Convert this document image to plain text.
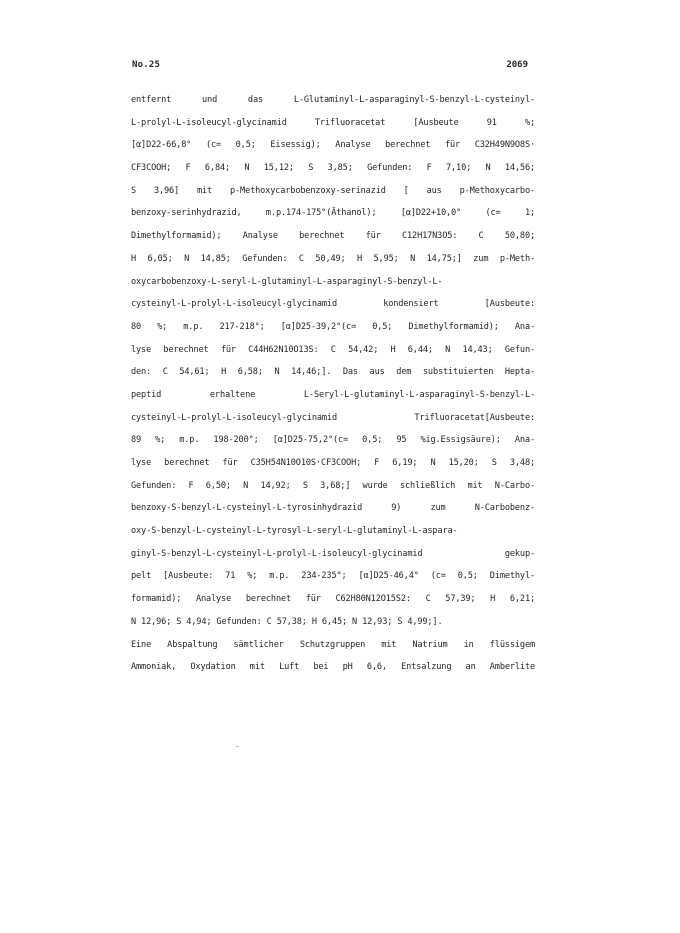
No.25	2069
entfernt und das L-Glutaminyl-L-asparaginyl-S-benzyl-L-cysteinyl-
L-prolyl-L-isoleucyl-glycinamid Trifluoracetat [Ausbeute 91 %;
[α]D22-66,8° (c= 0,5; Eisessig); Analyse berechnet für C32H49N9O8S·
CF3COOH; F 6,84; N 15,12; S 3,85; Gefunden: F 7,10; N 14,56;
S 3,96] mit p-Methoxycarbobenzoxy-serinazid [ aus p-Methoxycarbo-
benzoxy-serinhydrazid, m.p.174-175°(Äthanol); [α]D22+10,0° (c= 1;
Dimethylformamid); Analyse berechnet für C12H17N3O5: C 50,80;
H 6,05; N 14,85; Gefunden: C 50,49; H 5,95; N 14,75;] zum p-Meth-
oxycarbobenzoxy-L-seryl-L-glutaminyl-L-asparaginyl-S-benzyl-L-
cysteinyl-L-prolyl-L-isoleucyl-glycinamid kondensiert [Ausbeute:
80 %; m.p. 217-218°; [α]D25-39,2°(c= 0,5; Dimethylformamid); Ana-
lyse berechnet für C44H62N10O13S: C 54,42; H 6,44; N 14,43; Gefun-
den: C 54,61; H 6,58; N 14,46;]. Das aus dem substituierten Hepta-
peptid erhaltene L-Seryl-L-glutaminyl-L-asparaginyl-S-benzyl-L-
cysteinyl-L-prolyl-L-isoleucyl-glycinamid Trifluoracetat[Ausbeute:
89 %; m.p. 198-200°; [α]D25-75,2°(c= 0,5; 95 %ig.Essigsäure); Ana-
lyse berechnet für C35H54N10O10S·CF3COOH; F 6,19; N 15,20; S 3,48;
Gefunden: F 6,50; N 14,92; S 3,68;] wurde schließlich mit N-Carbo-
benzoxy-S-benzyl-L-cysteinyl-L-tyrosinhydrazid 9) zum N-Carbobenz-
oxy-S-benzyl-L-cysteinyl-L-tyrosyl-L-seryl-L-glutaminyl-L-aspara-
ginyl-S-benzyl-L-cysteinyl-L-prolyl-L-isoleucyl-glycinamid gekup-
pelt [Ausbeute: 71 %; m.p. 234-235°; [α]D25-46,4° (c= 0,5; Dimethyl-
formamid); Analyse berechnet für C62H80N12O15S2: C 57,39; H 6,21;
N 12,96; S 4,94; Gefunden: C 57,38; H 6,45; N 12,93; S 4,99;].
Eine Abspaltung sämtlicher Schutzgruppen mit Natrium in flüssigem
Ammoniak, Oxydation mit Luft bei pH 6,6, Entsalzung an Amberlite
